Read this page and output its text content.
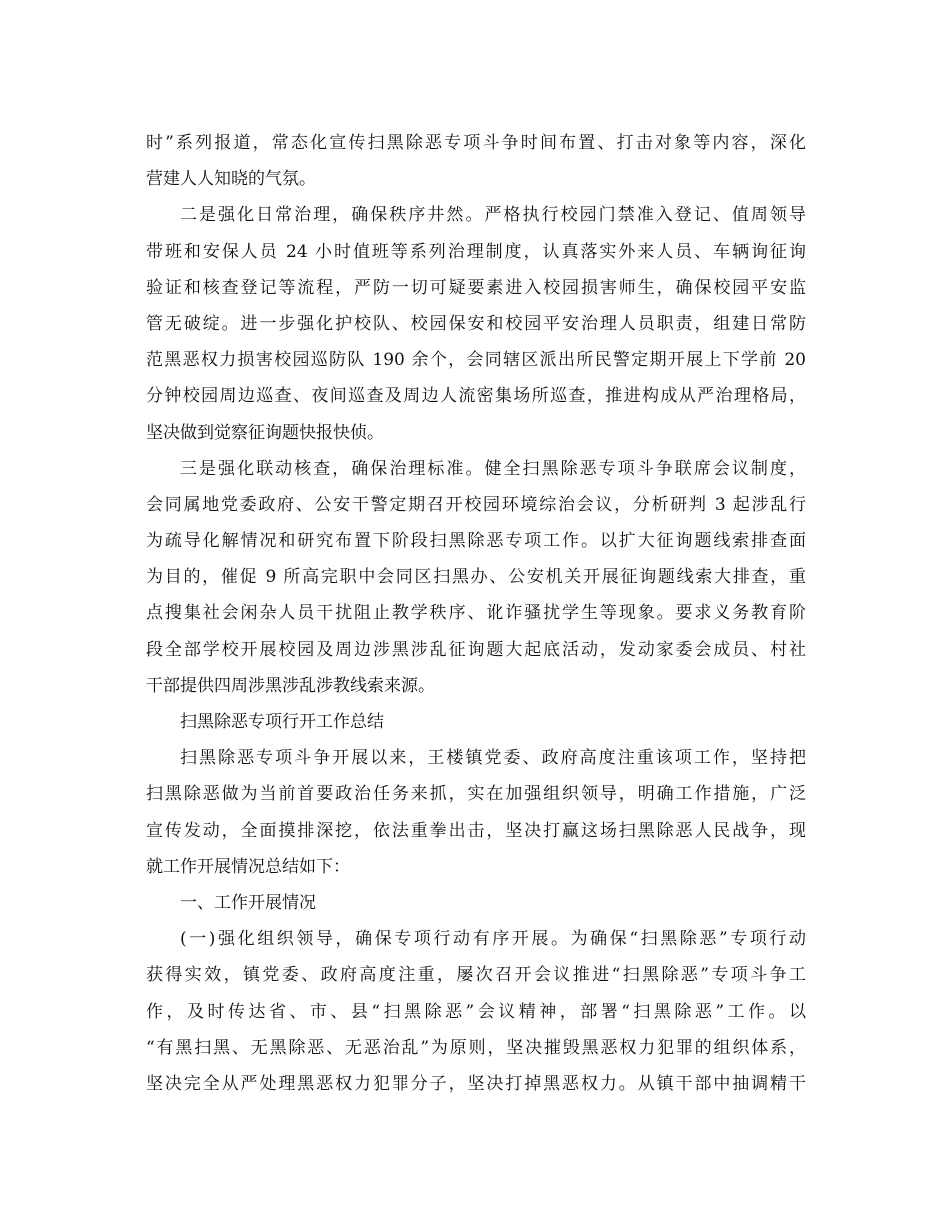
时”系列报道，常态化宣传扫黑除恶专项斗争时间布置、打击对象等内容，深化
营建人人知晓的气氛。
二是强化日常治理，确保秩序井然。严格执行校园门禁准入登记、值周领导
带班和安保人员 24 小时值班等系列治理制度，认真落实外来人员、车辆询征询
验证和核查登记等流程，严防一切可疑要素进入校园损害师生，确保校园平安监
管无破绽。进一步强化护校队、校园保安和校园平安治理人员职责，组建日常防
范黑恶权力损害校园巡防队 190 余个，会同辖区派出所民警定期开展上下学前 20
分钟校园周边巡查、夜间巡查及周边人流密集场所巡查，推进构成从严治理格局，
坚决做到觉察征询题快报快侦。
三是强化联动核查，确保治理标准。健全扫黑除恶专项斗争联席会议制度，
会同属地党委政府、公安干警定期召开校园环境综治会议，分析研判 3 起涉乱行
为疏导化解情况和研究布置下阶段扫黑除恶专项工作。以扩大征询题线索排查面
为目的，催促 9 所高完职中会同区扫黑办、公安机关开展征询题线索大排查，重
点搜集社会闲杂人员干扰阻止教学秩序、讹诈骚扰学生等现象。要求义务教育阶
段全部学校开展校园及周边涉黑涉乱征询题大起底活动，发动家委会成员、村社
干部提供四周涉黑涉乱涉教线索来源。
扫黑除恶专项行开工作总结
扫黑除恶专项斗争开展以来，王楼镇党委、政府高度注重该项工作，坚持把
扫黑除恶做为当前首要政治任务来抓，实在加强组织领导，明确工作措施，广泛
宣传发动，全面摸排深挖，依法重拳出击，坚决打赢这场扫黑除恶人民战争，现
就工作开展情况总结如下：
一、工作开展情况
(一)强化组织领导，确保专项行动有序开展。为确保“扫黑除恶”专项行动
获得实效，镇党委、政府高度注重，屡次召开会议推进“扫黑除恶”专项斗争工
作，及时传达省、市、县“扫黑除恶”会议精神，部署“扫黑除恶”工作。以
“有黑扫黑、无黑除恶、无恶治乱”为原则，坚决摧毁黑恶权力犯罪的组织体系，
坚决完全从严处理黑恶权力犯罪分子，坚决打掉黑恶权力。从镇干部中抽调精干
